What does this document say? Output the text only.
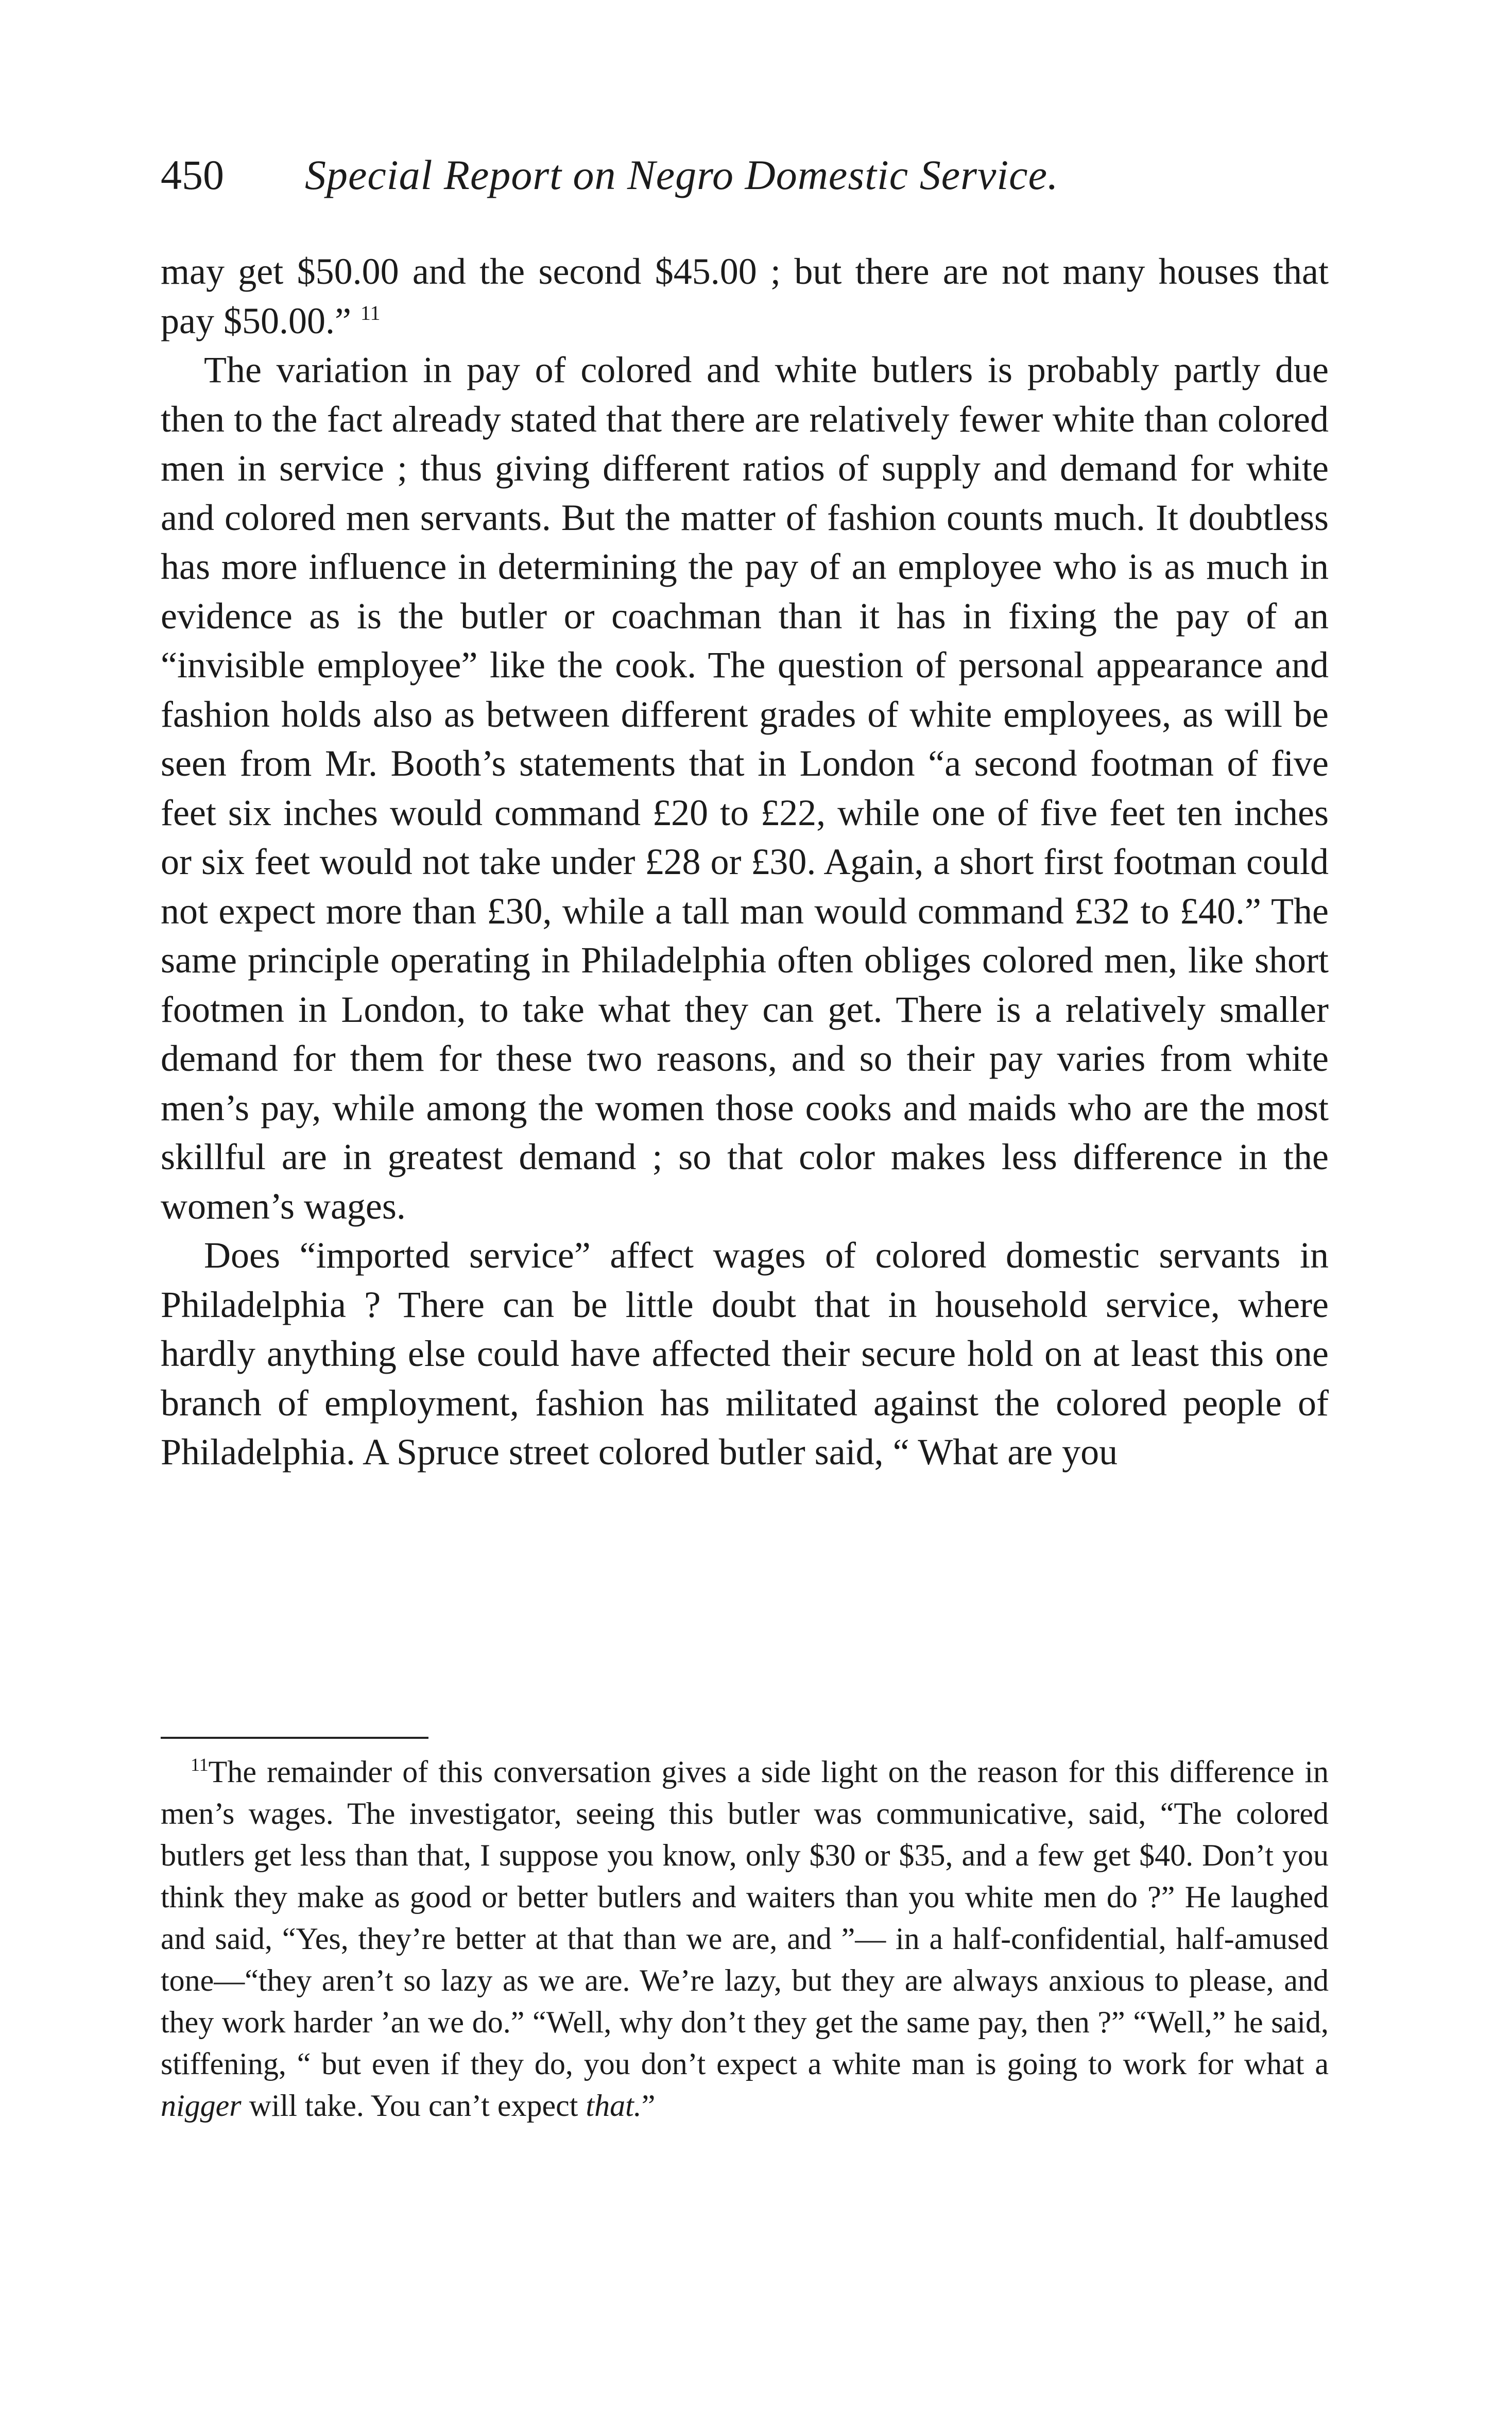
450 Special Report on Negro Domestic Service.

may get $50.00 and the second $45.00 ; but there are not many houses that pay $50.00.” $^{11}$

The variation in pay of colored and white butlers is probably partly due then to the fact already stated that there are relatively fewer white than colored men in service ; thus giving different ratios of supply and demand for white and colored men servants. But the matter of fashion counts much. It doubtless has more influence in determining the pay of an employee who is as much in evidence as is the butler or coachman than it has in fixing the pay of an “invisible employee” like the cook. The question of personal appearance and fashion holds also as between different grades of white employees, as will be seen from Mr. Booth’s statements that in London “a second footman of five feet six inches would command £20 to £22, while one of five feet ten inches or six feet would not take under £28 or £30. Again, a short first footman could not expect more than £30, while a tall man would command £32 to £40.” The same principle operating in Philadelphia often obliges colored men, like short footmen in London, to take what they can get. There is a relatively smaller demand for them for these two reasons, and so their pay varies from white men’s pay, while among the women those cooks and maids who are the most skillful are in greatest demand ; so that color makes less difference in the women’s wages.

Does “imported service” affect wages of colored domestic servants in Philadelphia ? There can be little doubt that in household service, where hardly anything else could have affected their secure hold on at least this one branch of employment, fashion has militated against the colored people of Philadelphia. A Spruce street colored butler said, “ What are you

$^{11}$The remainder of this conversation gives a side light on the reason for this difference in men’s wages. The investigator, seeing this butler was communicative, said, “The colored butlers get less than that, I suppose you know, only $30 or $35, and a few get $40. Don’t you think they make as good or better butlers and waiters than you white men do ?” He laughed and said, “Yes, they’re better at that than we are, and ”— in a half-confidential, half-amused tone—“they aren’t so lazy as we are. We’re lazy, but they are always anxious to please, and they work harder ’an we do.” “Well, why don’t they get the same pay, then ?” “Well,” he said, stiffening, “ but even if they do, you don’t expect a white man is going to work for what a nigger will take. You can’t expect that.”
